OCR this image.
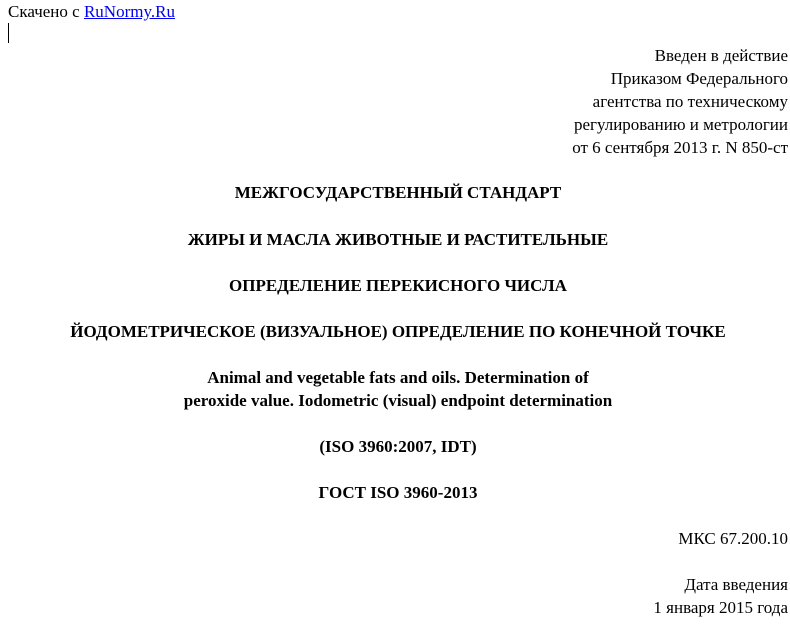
Скачено с RuNormy.Ru
Введен в действие
Приказом Федерального
агентства по техническому
регулированию и метрологии
от 6 сентября 2013 г. N 850-ст
МЕЖГОСУДАРСТВЕННЫЙ СТАНДАРТ
ЖИРЫ И МАСЛА ЖИВОТНЫЕ И РАСТИТЕЛЬНЫЕ
ОПРЕДЕЛЕНИЕ ПЕРЕКИСНОГО ЧИСЛА
ЙОДОМЕТРИЧЕСКОЕ (ВИЗУАЛЬНОЕ) ОПРЕДЕЛЕНИЕ ПО КОНЕЧНОЙ ТОЧКЕ
Animal and vegetable fats and oils. Determination of
peroxide value. Iodometric (visual) endpoint determination
(ISO 3960:2007, IDT)
ГОСТ ISO 3960-2013
МКС 67.200.10
Дата введения
1 января 2015 года
